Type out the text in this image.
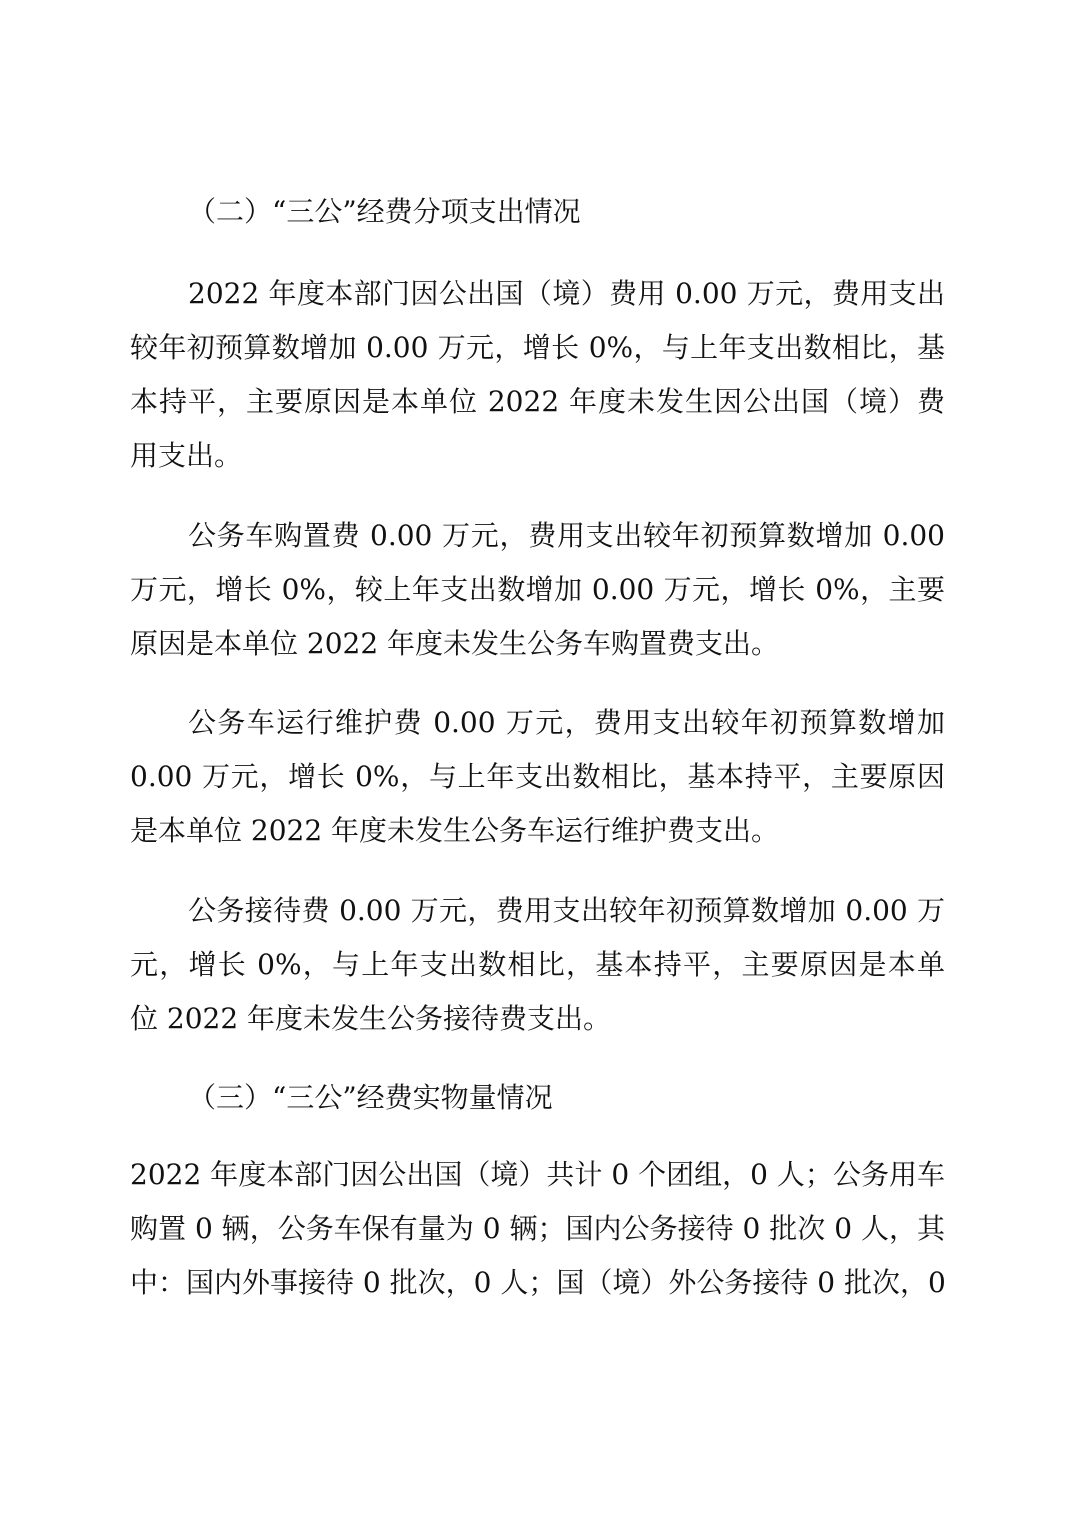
（二）“三公”经费分项支出情况
2022 年度本部门因公出国（境）费用 0.00 万元，费用支出
较年初预算数增加 0.00 万元，增长 0%，与上年支出数相比，基
本持平，主要原因是本单位 2022 年度未发生因公出国（境）费
用支出。
公务车购置费 0.00 万元，费用支出较年初预算数增加 0.00
万元，增长 0%，较上年支出数增加 0.00 万元，增长 0%，主要
原因是本单位 2022 年度未发生公务车购置费支出。
公务车运行维护费 0.00 万元，费用支出较年初预算数增加
0.00 万元，增长 0%，与上年支出数相比，基本持平，主要原因
是本单位 2022 年度未发生公务车运行维护费支出。
公务接待费 0.00 万元，费用支出较年初预算数增加 0.00 万
元，增长 0%，与上年支出数相比，基本持平，主要原因是本单
位 2022 年度未发生公务接待费支出。
（三）“三公”经费实物量情况
2022 年度本部门因公出国（境）共计 0 个团组，0 人；公务用车
购置 0 辆，公务车保有量为 0 辆；国内公务接待 0 批次 0 人，其
中：国内外事接待 0 批次，0 人；国（境）外公务接待 0 批次，0
